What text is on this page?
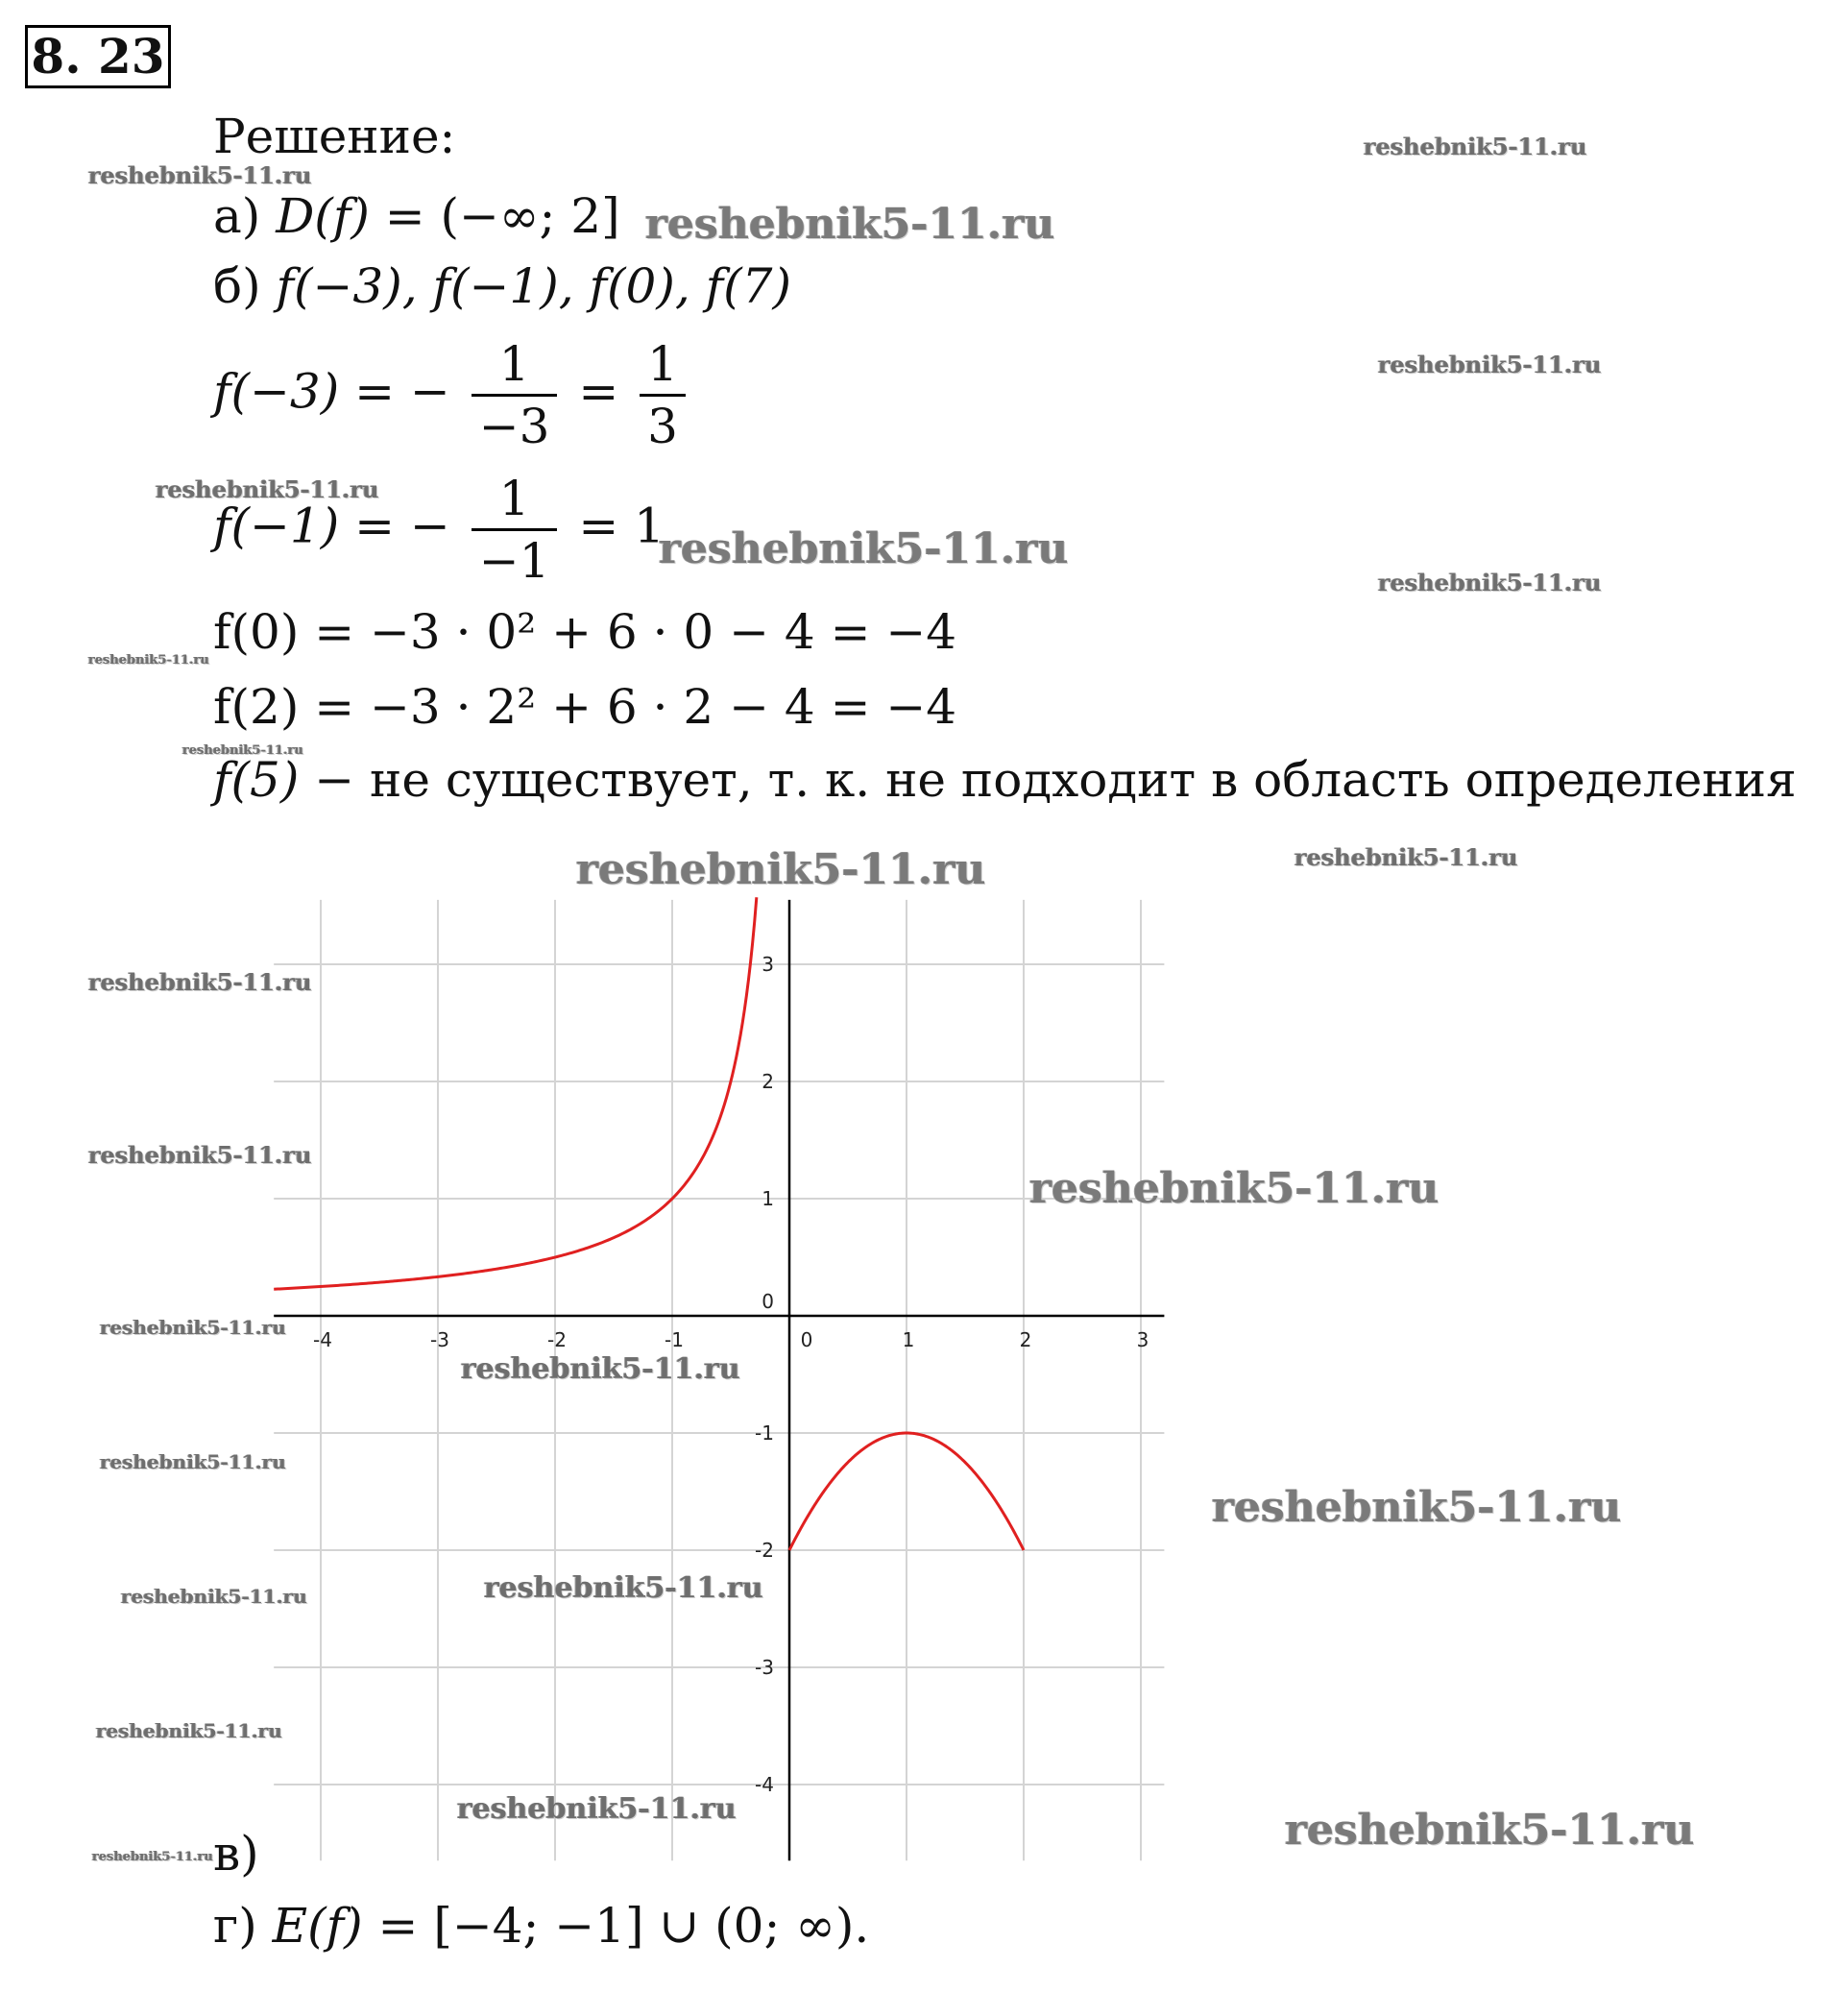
8. 23
Решение:
а) D(f) = (−∞; 2]
б) f(−3), f(−1), f(0), f(7)
f(−3) = − $\frac{1}{-3} = \frac{1}{3}$
f(−1) = − $\frac{1}{-1} = 1$
f(0) = −3 · 0² + 6 · 0 − 4 = −4
f(2) = −3 · 2² + 6 · 2 − 4 = −4
f(5) − не существует, т. к. не подходит в область определения
-4	-3	-2	-1	0	1	2	3
3
2
1
0
-1
-2
-3
-4
в)
г) E(f) = [−4; −1] ∪ (0; ∞).
reshebnik5-11.ru
reshebnik5-11.ru
reshebnik5-11.ru
reshebnik5-11.ru
reshebnik5-11.ru
reshebnik5-11.ru
reshebnik5-11.ru
reshebnik5-11.ru
reshebnik5-11.ru
reshebnik5-11.ru	reshebnik5-11.ru
reshebnik5-11.ru
reshebnik5-11.ru
reshebnik5-11.ru
reshebnik5-11.ru
reshebnik5-11.ru
reshebnik5-11.ru
reshebnik5-11.ru
reshebnik5-11.ru	reshebnik5-11.ru
reshebnik5-11.ru
reshebnik5-11.ru
reshebnik5-11.ru
reshebnik5-11.ru
